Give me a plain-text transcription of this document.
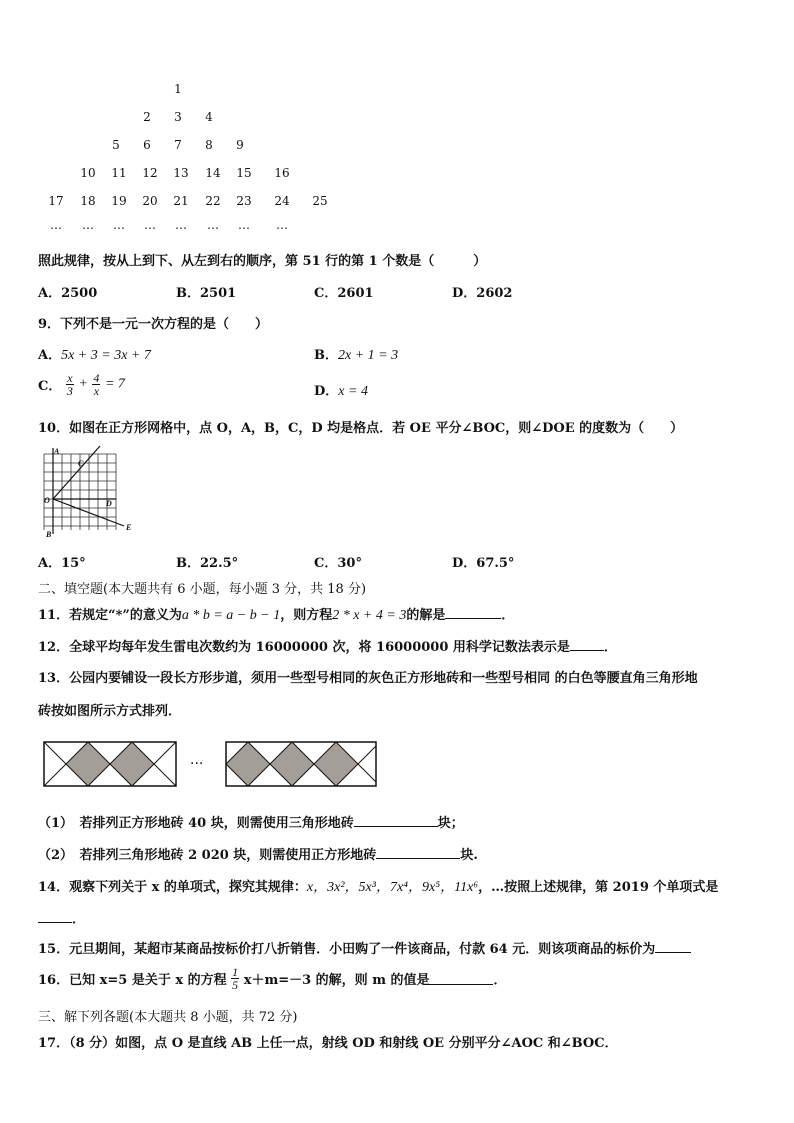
1
2	3	4
5	6	7	8	9
10	11	12	13	14	15	16
17	18	19	20	21	22	23	24	25
…	…	…	…	…	…	…	…
照此规律，按从上到下、从左到右的顺序，第 51 行的第 1 个数是（　　　）
A．2500	B．2501	C．2601	D．2602
9．下列不是一元一次方程的是（　　）
A．5x + 3 = 3x + 7	B．2x + 1 = 3
C． $\frac{x}{3} + \frac{4}{x} = 7$	D．x = 4
10．如图在正方形网格中，点 O，A，B，C，D 均是格点．若 OE 平分∠BOC，则∠DOE 的度数为（　　）
A
C
O	D
B
E
A．15°	B．22.5°	C．30°	D．67.5°
二、填空题(本大题共有 6 小题，每小题 3 分，共 18 分)
11．若规定“*”的意义为a * b = a − b − 1，则方程2 * x + 4 = 3的解是	．
12．全球平均每年发生雷电次数约为 16000000 次，将 16000000 用科学记数法表示是	．
13．公园内要铺设一段长方形步道，须用一些型号相同的灰色正方形地砖和一些型号相同 的白色等腰直角三角形地
砖按如图所示方式排列．
···
（1）　若排列正方形地砖 40 块，则需使用三角形地砖	块；
（2）　若排列三角形地砖 2 020 块，则需使用正方形地砖	块.
14．观察下列关于 x 的单项式，探究其规律：x，3x²，5x³，7x⁴，9x⁵，11x⁶，…按照上述规律，第 2019 个单项式是
．
15．元旦期间，某超市某商品按标价打八折销售．小田购了一件该商品，付款 64 元．则该项商品的标价为
16．已知 x=5 是关于 x 的方程 $\frac{1}{5} x+m=-3$ 的解，则 m 的值是	．
三、解下列各题(本大题共 8 小题，共 72 分)
17．（8 分）如图，点 O 是直线 AB 上任一点，射线 OD 和射线 OE 分别平分∠AOC 和∠BOC．
